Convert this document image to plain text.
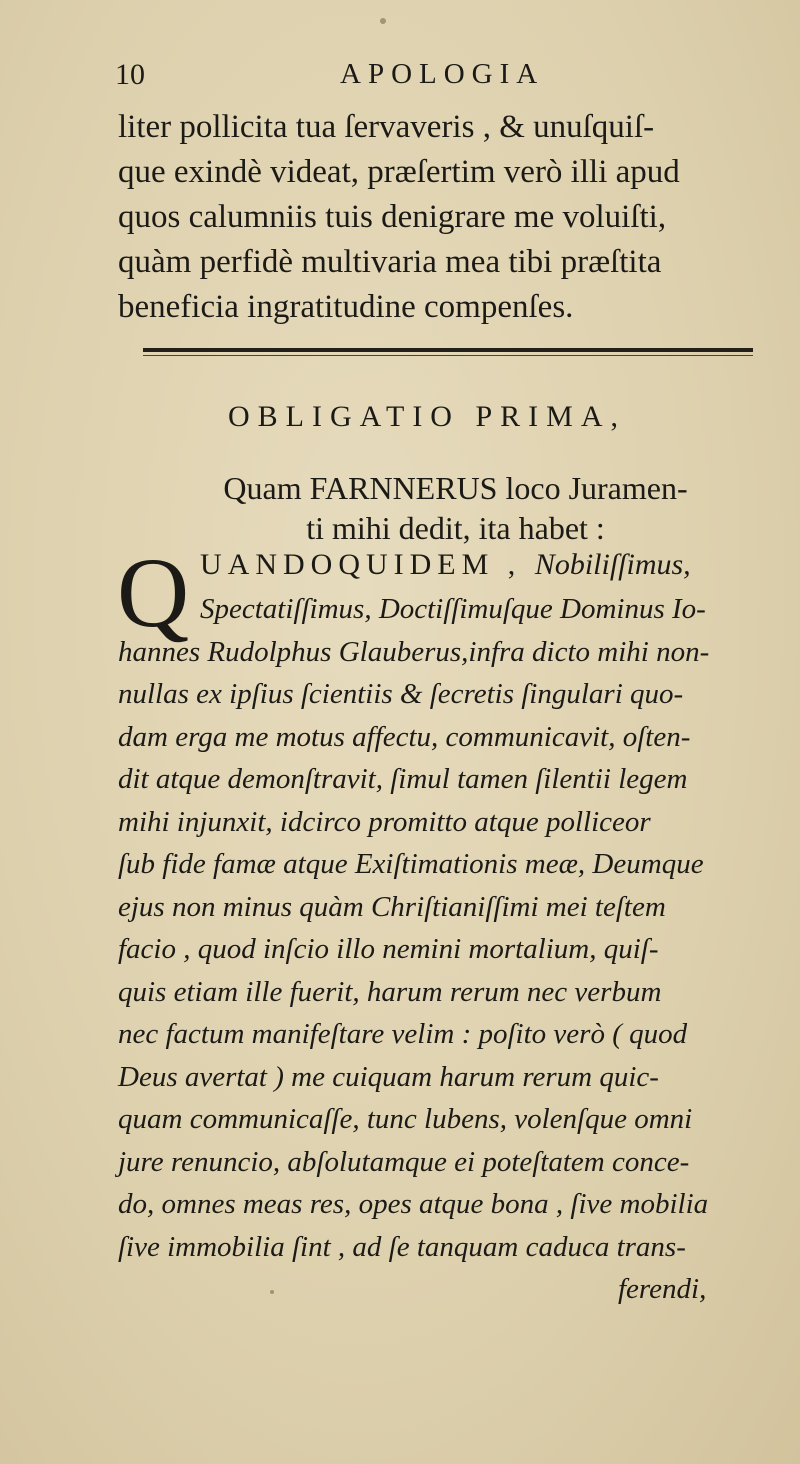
10	APOLOGIA

liter pollicita tua ſervaveris , & unuſquiſ-

que exindè videat, præſertim verò illi apud

quos calumniis tuis denigrare me voluiſti,

quàm perfidè multivaria mea tibi præſtita

beneficia ingratitudine compenſes.

OBLIGATIO PRIMA,

Quam FARNNERUS loco Juramen-

ti mihi dedit, ita habet :

Q UANDOQUIDEM , Nobiliſſimus,

Spectatiſſimus, Doctiſſimuſque Dominus Io-

hannes Rudolphus Glauberus,infra dicto mihi non-

nullas ex ipſius ſcientiis & ſecretis ſingulari quo-

dam erga me motus affectu, communicavit, oſten-

dit atque demonſtravit, ſimul tamen ſilentii legem

mihi injunxit, idcirco promitto atque polliceor

ſub fide famæ atque Exiſtimationis meæ, Deumque

ejus non minus quàm Chriſtianiſſimi mei teſtem

facio , quod inſcio illo nemini mortalium, quiſ-

quis etiam ille fuerit, harum rerum nec verbum

nec factum manifeſtare velim : poſito verò ( quod

Deus avertat ) me cuiquam harum rerum quic-

quam communicaſſe, tunc lubens, volenſque omni

jure renuncio, abſolutamque ei poteſtatem conce-

do, omnes meas res, opes atque bona , ſive mobilia

ſive immobilia ſint , ad ſe tanquam caduca trans-

ferendi,
